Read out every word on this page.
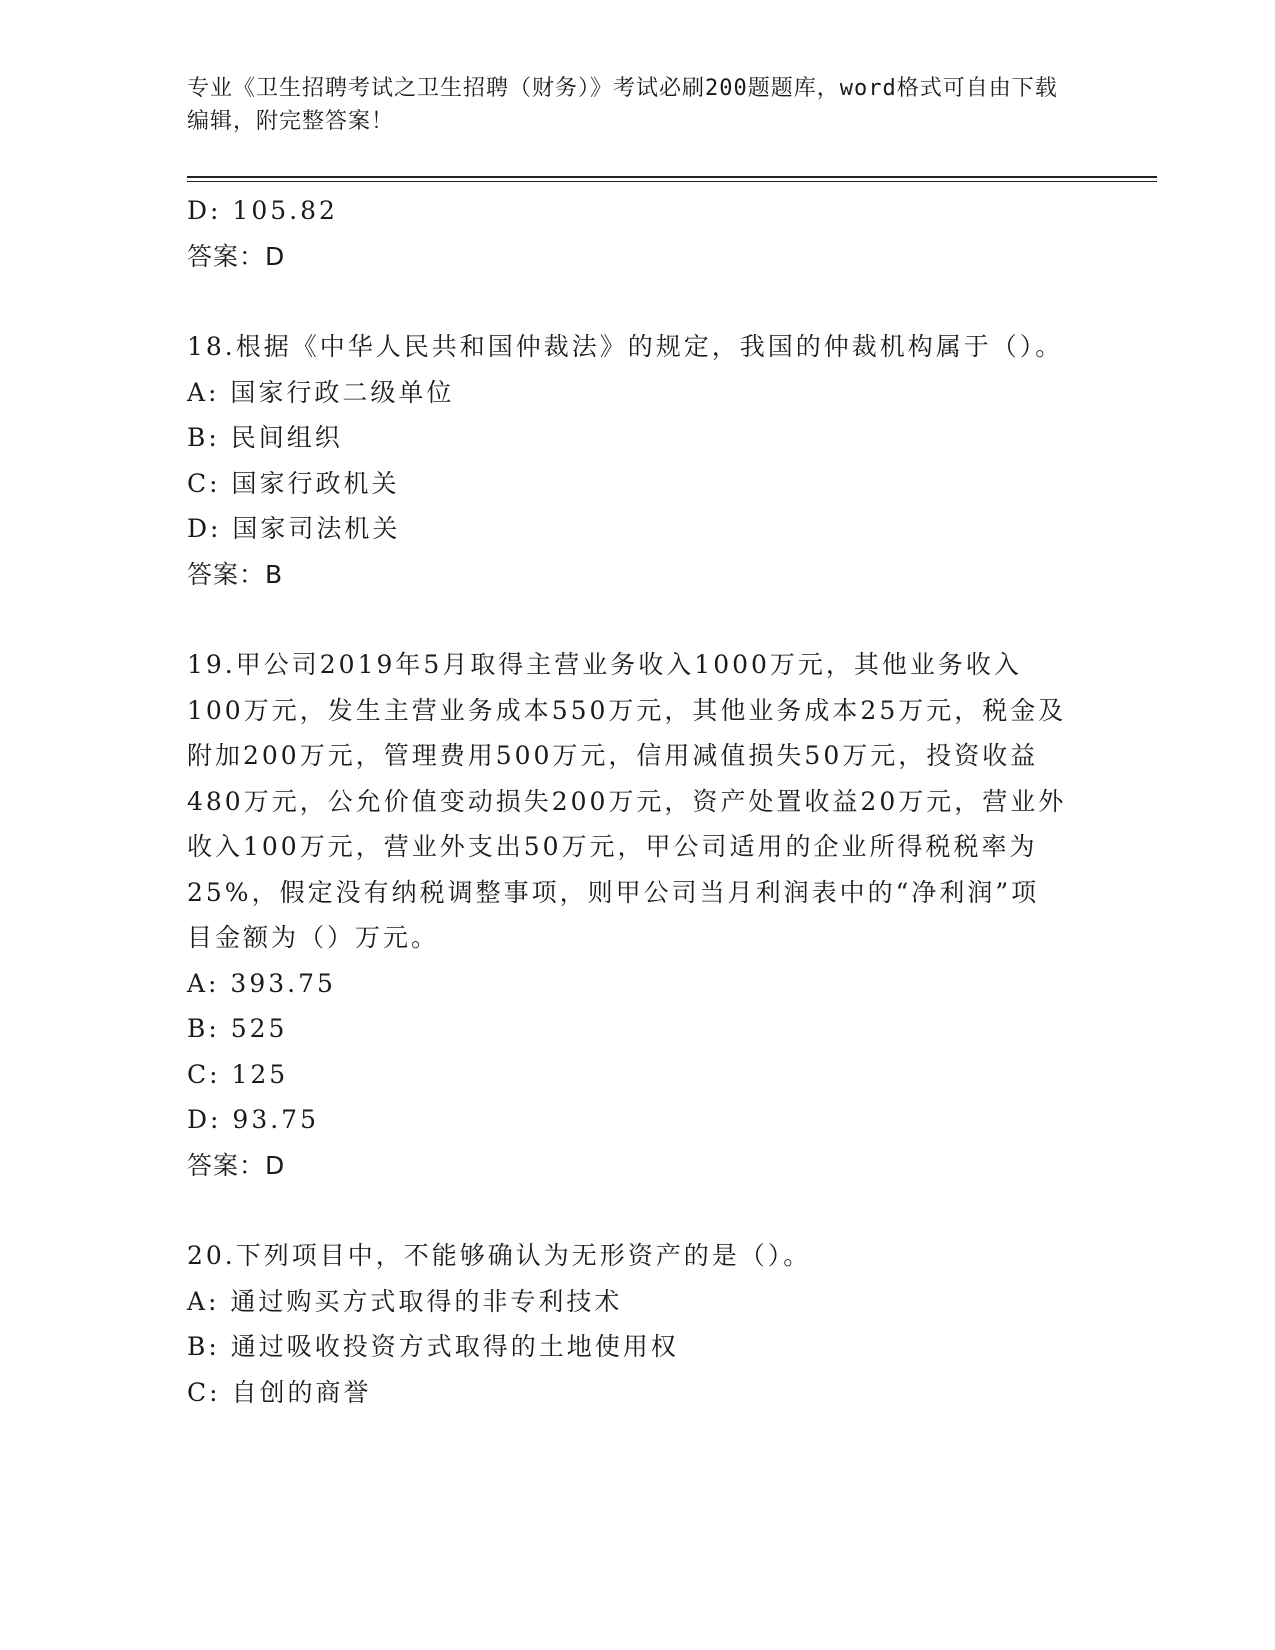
专业《卫生招聘考试之卫生招聘（财务）》考试必刷200题题库，word格式可自由下载编辑，附完整答案！
D: 105.82
答案：D
18.根据《中华人民共和国仲裁法》的规定，我国的仲裁机构属于（）。
A: 国家行政二级单位
B: 民间组织
C: 国家行政机关
D: 国家司法机关
答案：B
19.甲公司2019年5月取得主营业务收入1000万元，其他业务收入100万元，发生主营业务成本550万元，其他业务成本25万元，税金及附加200万元，管理费用500万元，信用减值损失50万元，投资收益480万元，公允价值变动损失200万元，资产处置收益20万元，营业外收入100万元，营业外支出50万元，甲公司适用的企业所得税税率为25%，假定没有纳税调整事项，则甲公司当月利润表中的“净利润”项目金额为（）万元。
A: 393.75
B: 525
C: 125
D: 93.75
答案：D
20.下列项目中，不能够确认为无形资产的是（）。
A: 通过购买方式取得的非专利技术
B: 通过吸收投资方式取得的土地使用权
C: 自创的商誉
